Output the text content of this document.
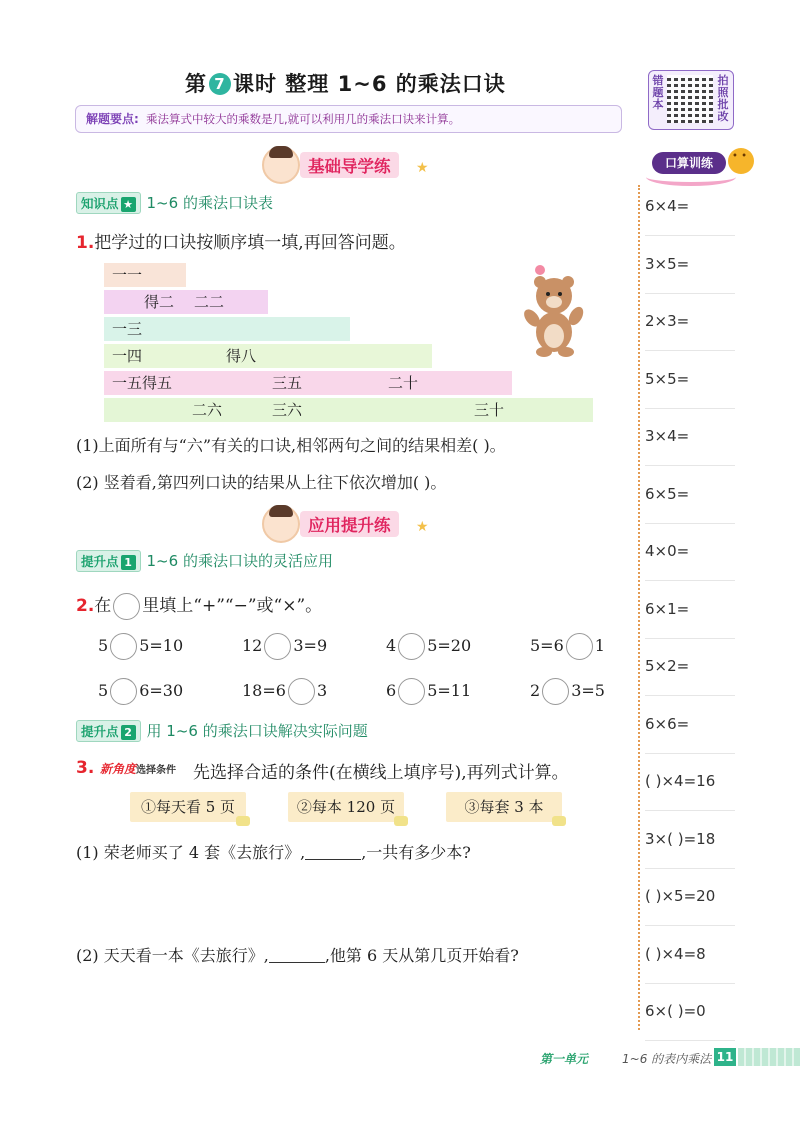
第 7 课时 整理 1~6 的乘法口诀
解题要点: 乘法算式中较大的乘数是几,就可以利用几的乘法口诀来计算。
错题本
拍照批改
口算训练
• •
6×4=
3×5=
2×3=
5×5=
3×4=
6×5=
4×0=
6×1=
5×2=
6×6=
( )×4=16
3×( )=18
( )×5=20
( )×4=8
6×( )=0
基础导学练	★
知识点 ★ 1~6 的乘法口诀表
1.把学过的口诀按顺序填一填,再回答问题。
一一
得二 二二
一三
一四	得八
一五得五	三五	二十
二六	三六	三十
(1)上面所有与“六”有关的口诀,相邻两句之间的结果相差( )。
(2) 竖着看,第四列口诀的结果从上往下依次增加( )。
应用提升练	★
提升点 1 1~6 的乘法口诀的灵活应用
2.在 里填上“+”“−”或“×”。
5 5=10	12 3=9	4 5=20	5=6 1
5 6=30	18=6 3	6 5=11	2 3=5
提升点 2 用 1~6 的乘法口诀解决实际问题
3. 新角度选择条件 先选择合适的条件(在横线上填序号),再列式计算。
①每天看 5 页	②每本 120 页	③每套 3 本
(1) 荣老师买了 4 套《去旅行》,	,一共有多少本?
(2) 天天看一本《去旅行》,	,他第 6 天从第几页开始看?
第一单元	1~6 的表内乘法 11
